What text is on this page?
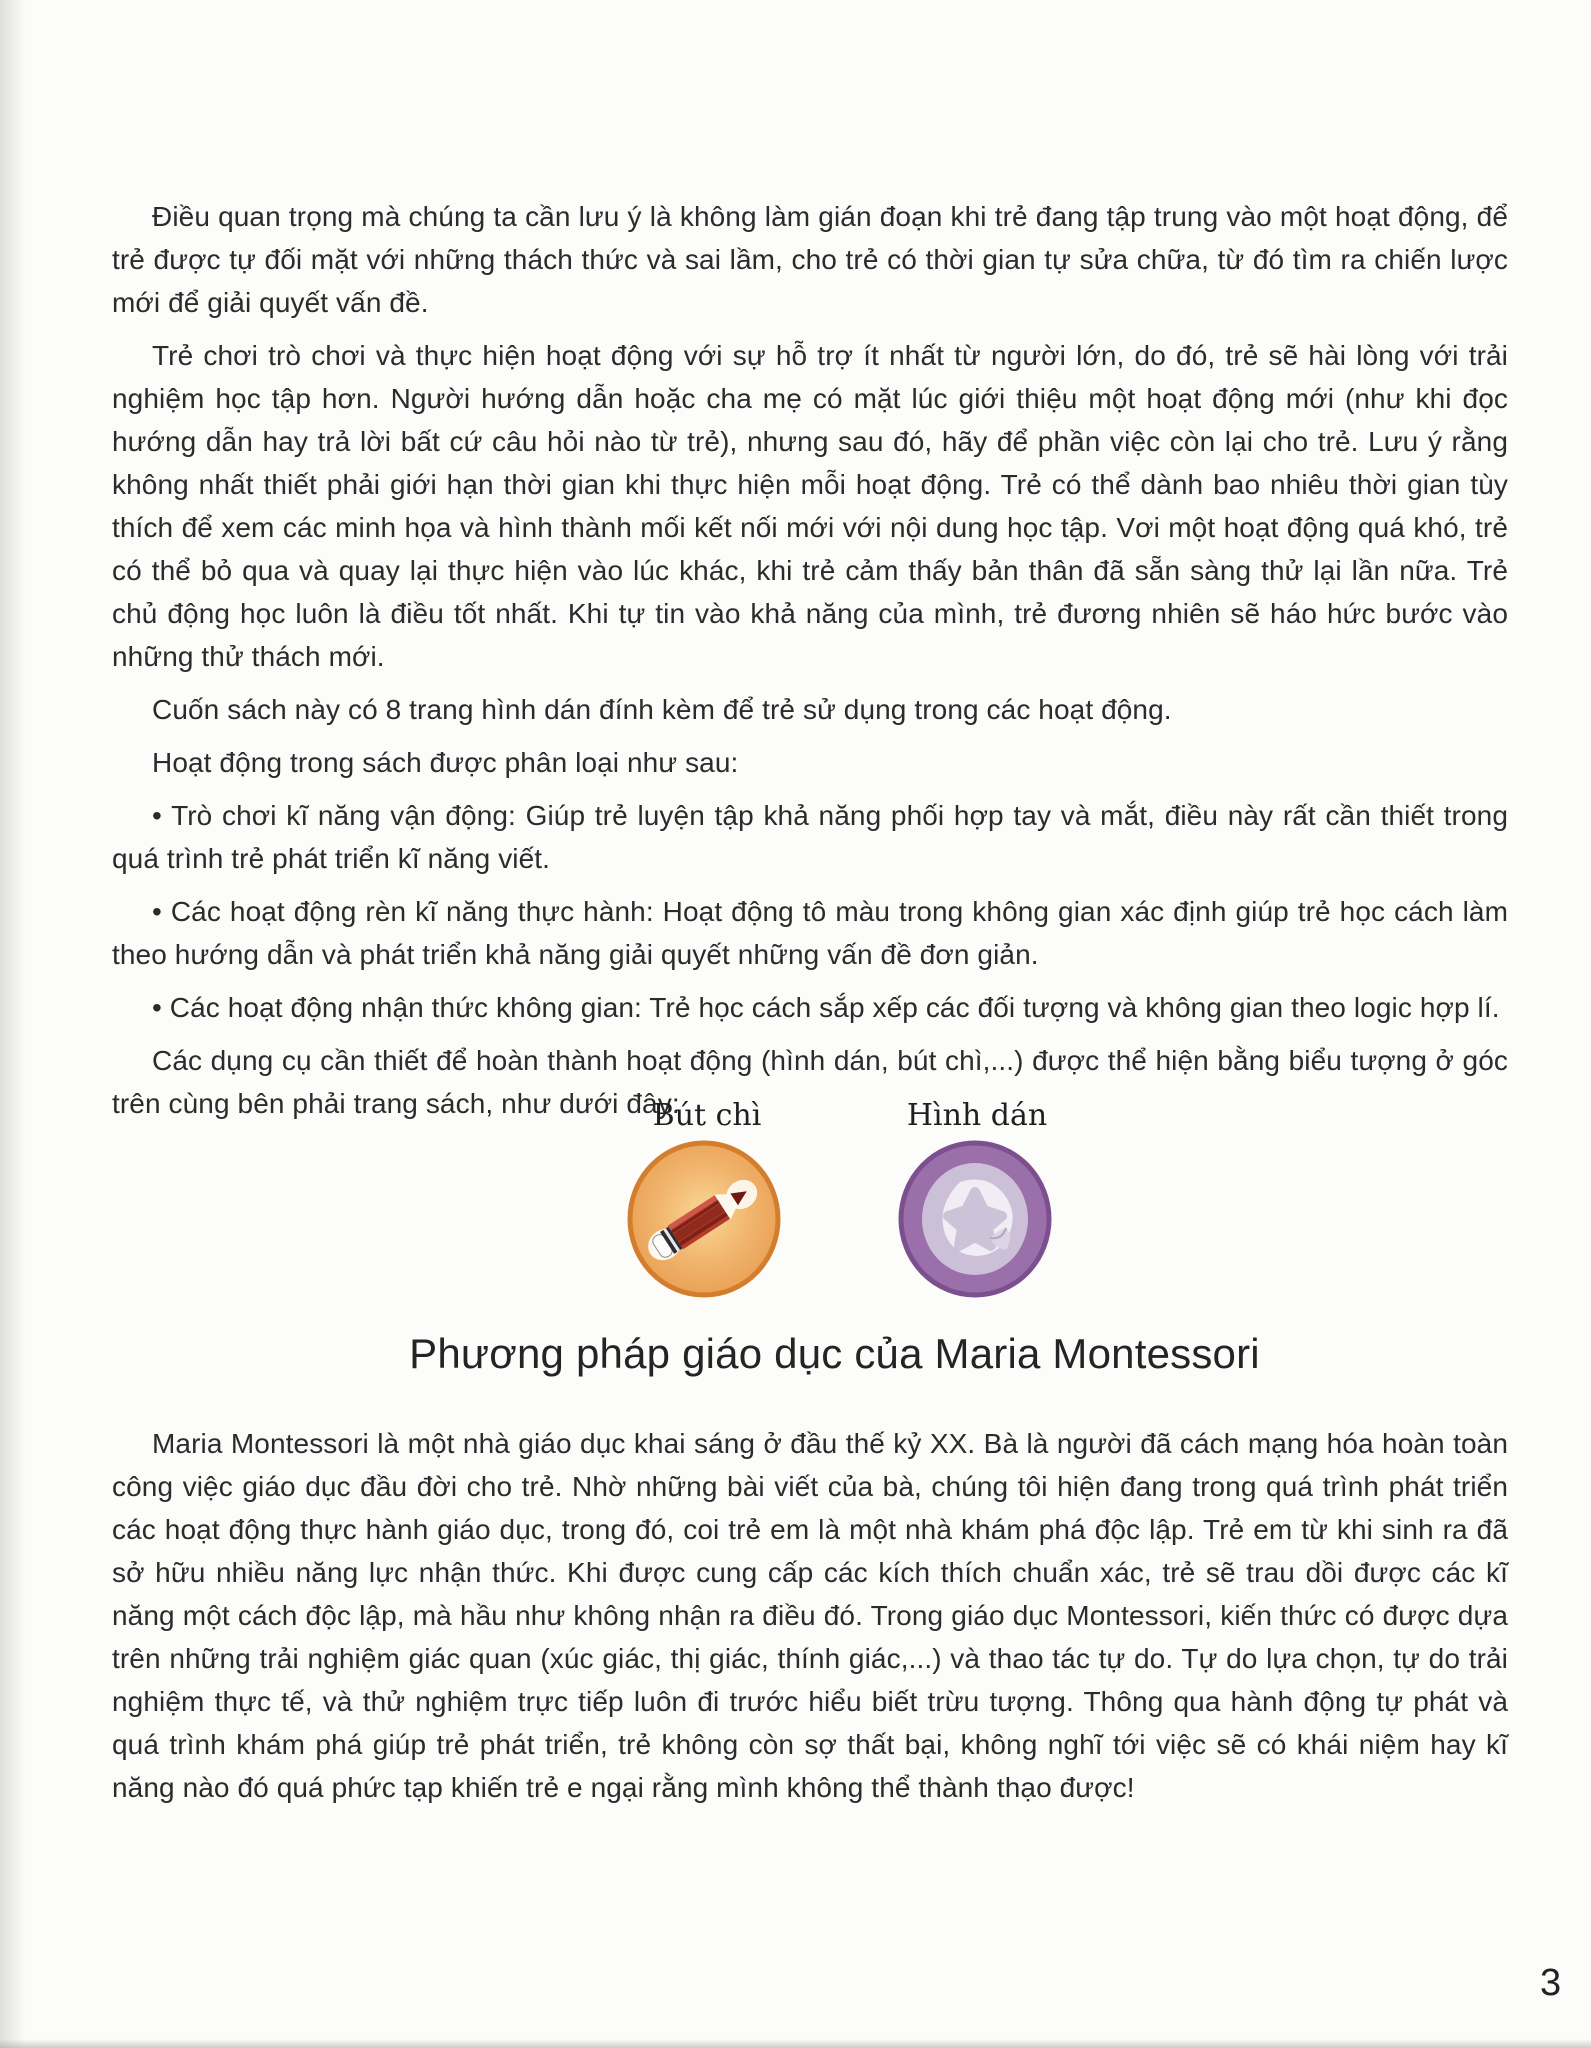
Điều quan trọng mà chúng ta cần lưu ý là không làm gián đoạn khi trẻ đang tập trung vào một hoạt động, để trẻ được tự đối mặt với những thách thức và sai lầm, cho trẻ có thời gian tự sửa chữa, từ đó tìm ra chiến lược mới để giải quyết vấn đề.

Trẻ chơi trò chơi và thực hiện hoạt động với sự hỗ trợ ít nhất từ người lớn, do đó, trẻ sẽ hài lòng với trải nghiệm học tập hơn. Người hướng dẫn hoặc cha mẹ có mặt lúc giới thiệu một hoạt động mới (như khi đọc hướng dẫn hay trả lời bất cứ câu hỏi nào từ trẻ), nhưng sau đó, hãy để phần việc còn lại cho trẻ. Lưu ý rằng không nhất thiết phải giới hạn thời gian khi thực hiện mỗi hoạt động. Trẻ có thể dành bao nhiêu thời gian tùy thích để xem các minh họa và hình thành mối kết nối mới với nội dung học tập. Vơi một hoạt động quá khó, trẻ có thể bỏ qua và quay lại thực hiện vào lúc khác, khi trẻ cảm thấy bản thân đã sẵn sàng thử lại lần nữa. Trẻ chủ động học luôn là điều tốt nhất. Khi tự tin vào khả năng của mình, trẻ đương nhiên sẽ háo hức bước vào những thử thách mới.

Cuốn sách này có 8 trang hình dán đính kèm để trẻ sử dụng trong các hoạt động.

Hoạt động trong sách được phân loại như sau:

• Trò chơi kĩ năng vận động: Giúp trẻ luyện tập khả năng phối hợp tay và mắt, điều này rất cần thiết trong quá trình trẻ phát triển kĩ năng viết.

• Các hoạt động rèn kĩ năng thực hành: Hoạt động tô màu trong không gian xác định giúp trẻ học cách làm theo hướng dẫn và phát triển khả năng giải quyết những vấn đề đơn giản.

• Các hoạt động nhận thức không gian: Trẻ học cách sắp xếp các đối tượng và không gian theo logic hợp lí.

Các dụng cụ cần thiết để hoàn thành hoạt động (hình dán, bút chì,...) được thể hiện bằng biểu tượng ở góc trên cùng bên phải trang sách, như dưới đây:

Bút chì	Hình dán
Phương pháp giáo dục của Maria Montessori

Maria Montessori là một nhà giáo dục khai sáng ở đầu thế kỷ XX. Bà là người đã cách mạng hóa hoàn toàn công việc giáo dục đầu đời cho trẻ. Nhờ những bài viết của bà, chúng tôi hiện đang trong quá trình phát triển các hoạt động thực hành giáo dục, trong đó, coi trẻ em là một nhà khám phá độc lập. Trẻ em từ khi sinh ra đã sở hữu nhiều năng lực nhận thức. Khi được cung cấp các kích thích chuẩn xác, trẻ sẽ trau dồi được các kĩ năng một cách độc lập, mà hầu như không nhận ra điều đó. Trong giáo dục Montessori, kiến thức có được dựa trên những trải nghiệm giác quan (xúc giác, thị giác, thính giác,...) và thao tác tự do. Tự do lựa chọn, tự do trải nghiệm thực tế, và thử nghiệm trực tiếp luôn đi trước hiểu biết trừu tượng. Thông qua hành động tự phát và quá trình khám phá giúp trẻ phát triển, trẻ không còn sợ thất bại, không nghĩ tới việc sẽ có khái niệm hay kĩ năng nào đó quá phức tạp khiến trẻ e ngại rằng mình không thể thành thạo được!

3
